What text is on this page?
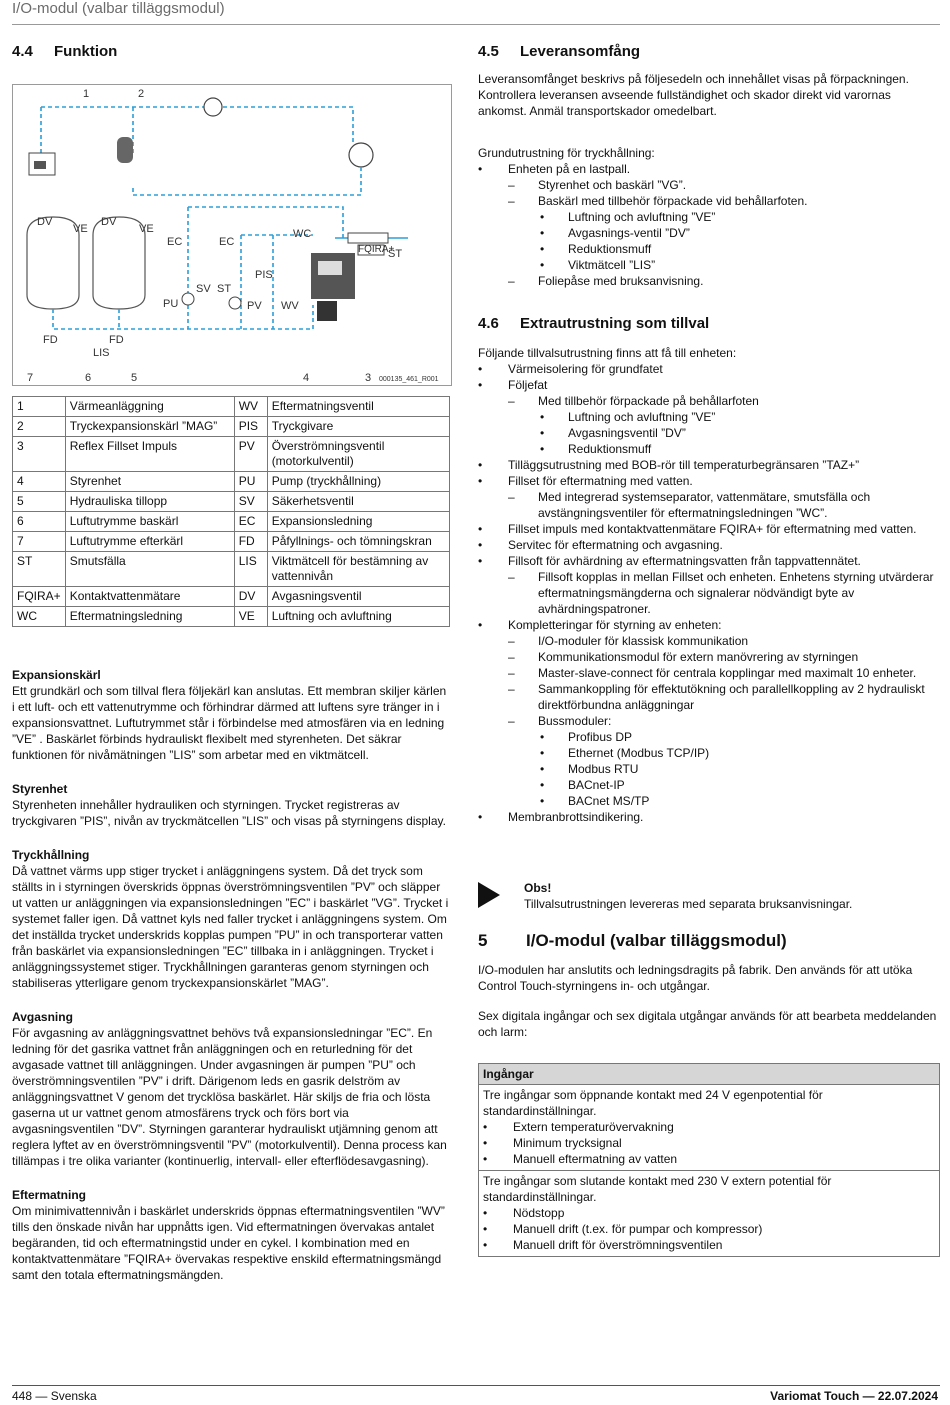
I/O-modul (valbar tilläggsmodul)
4.4 Funktion
1	2
DV
VE
DV
VE
EC	EC
WC
PIS
PU
SV ST
PV WV
FD	FD
LIS
ST
FQIRA+
7	6	5	4	3 000135_461_R001
1	Värmeanläggning	WV	Eftermatningsventil
2	Tryckexpansionskärl ”MAG”	PIS	Tryckgivare
3	Reflex Fillset Impuls	PV	Överströmningsventil (motorkulventil)
4	Styrenhet	PU	Pump (tryckhållning)
5	Hydrauliska tillopp	SV	Säkerhetsventil
6	Luftutrymme baskärl	EC	Expansionsledning
7	Luftutrymme efterkärl	FD	Påfyllnings- och tömningskran
ST	Smutsfälla	LIS	Viktmätcell för bestämning av vattennivån
FQIRA+	Kontaktvattenmätare	DV	Avgasningsventil
WC	Eftermatningsledning	VE	Luftning och avluftning

Expansionskärl

Ett grundkärl och som tillval flera följekärl kan anslutas. Ett membran skiljer kärlen i ett luft- och ett vattenutrymme och förhindrar därmed att luftens syre tränger in i expansionsvattnet. Luftutrymmet står i förbindelse med atmosfären via en ledning ”VE” . Baskärlet förbinds hydrauliskt flexibelt med styrenheten. Det säkrar funktionen för nivåmätningen ”LIS” som arbetar med en viktmätcell.

Styrenhet

Styrenheten innehåller hydrauliken och styrningen. Trycket registreras av tryckgivaren ”PIS”, nivån av tryckmätcellen ”LIS” och visas på styrningens display.

Tryckhållning

Då vattnet värms upp stiger trycket i anläggningens system. Då det tryck som ställts in i styrningen överskrids öppnas överströmningsventilen ”PV” och släpper ut vatten ur anläggningen via expansionsledningen ”EC” i baskärlet ”VG”. Trycket i systemet faller igen. Då vattnet kyls ned faller trycket i anläggningens system. Om det inställda trycket underskrids kopplas pumpen ”PU” in och transporterar vatten från baskärlet via expansionsledningen ”EC” tillbaka in i anläggningen. Trycket i anläggningssystemet stiger. Tryckhållningen garanteras genom styrningen och stabiliseras ytterligare genom tryckexpansionskärlet ”MAG”.

Avgasning

För avgasning av anläggningsvattnet behövs två expansionsledningar ”EC”. En ledning för det gasrika vattnet från anläggningen och en returledning för det avgasade vattnet till anläggningen. Under avgasningen är pumpen ”PU” och överströmningsventilen ”PV” i drift. Därigenom leds en gasrik delström av anläggningsvattnet V genom det trycklösa baskärlet. Här skiljs de fria och lösta gaserna ut ur vattnet genom atmosfärens tryck och förs bort via avgasningsventilen ”DV”. Styrningen garanterar hydrauliskt utjämning genom att reglera lyftet av en överströmningsventil ”PV” (motorkulventil). Denna process kan tillämpas i tre olika varianter (kontinuerlig, intervall- eller efterflödesavgasning).

Eftermatning

Om minimivattennivån i baskärlet underskrids öppnas eftermatningsventilen ”WV” tills den önskade nivån har uppnåtts igen. Vid eftermatningen övervakas antalet begäranden, tid och eftermatningstid under en cykel. I kombination med en kontaktvattenmätare ”FQIRA+ övervakas respektive enskild eftermatningsmängd samt den totala eftermatningsmängden.

4.5 Leveransomfång

Leveransomfånget beskrivs på följesedeln och innehållet visas på förpackningen. Kontrollera leveransen avseende fullständighet och skador direkt vid varornas ankomst. Anmäl transportskador omedelbart.

Grundutrustning för tryckhållning:

• Enheten på en lastpall.
– Styrenhet och baskärl ”VG”.
– Baskärl med tillbehör förpackade vid behållarfoten.
• Luftning och avluftning ”VE”
• Avgasnings-ventil ”DV”
• Reduktionsmuff
• Viktmätcell ”LIS”
– Foliepåse med bruksanvisning.
4.6 Extrautrustning som tillval

Följande tillvalsutrustning finns att få till enheten:

• Värmeisolering för grundfatet
• Följefat
– Med tillbehör förpackade på behållarfoten
• Luftning och avluftning ”VE”
• Avgasningsventil ”DV”
• Reduktionsmuff
• Tilläggsutrustning med BOB-rör till temperaturbegränsaren ”TAZ+”
• Fillset för eftermatning med vatten.
– Med integrerad systemseparator, vattenmätare, smutsfälla och avstängningsventiler för eftermatningsledningen ”WC”.
• Fillset impuls med kontaktvattenmätare FQIRA+ för eftermatning med vatten.
• Servitec för eftermatning och avgasning.
• Fillsoft för avhärdning av eftermatningsvatten från tappvattennätet.
– Fillsoft kopplas in mellan Fillset och enheten. Enhetens styrning utvärderar eftermatningsmängderna och signalerar nödvändigt byte av avhärdningspatroner.
• Kompletteringar för styrning av enheten:
– I/O-moduler för klassisk kommunikation
– Kommunikationsmodul för extern manövrering av styrningen
– Master-slave-connect för centrala kopplingar med maximalt 10 enheter.
– Sammankoppling för effektutökning och parallellkoppling av 2 hydrauliskt direktförbundna anläggningar
– Bussmoduler:
• Profibus DP
• Ethernet (Modbus TCP/IP)
• Modbus RTU
• BACnet-IP
• BACnet MS/TP
• Membranbrottsindikering.

Obs!

Tillvalsutrustningen levereras med separata bruksanvisningar.

5 I/O-modul (valbar tilläggsmodul)

I/O-modulen har anslutits och ledningsdragits på fabrik. Den används för att utöka Control Touch-styrningens in- och utgångar.

Sex digitala ingångar och sex digitala utgångar används för att bearbeta meddelanden och larm:

Ingångar

Tre ingångar som öppnande kontakt med 24 V egenpotential för standardinställningar.

• Extern temperaturövervakning
• Minimum trycksignal
• Manuell eftermatning av vatten

Tre ingångar som slutande kontakt med 230 V extern potential för standardinställningar.

• Nödstopp
• Manuell drift (t.ex. för pumpar och kompressor)
• Manuell drift för överströmningsventilen
448 — Svenska	Variomat Touch — 22.07.2024
